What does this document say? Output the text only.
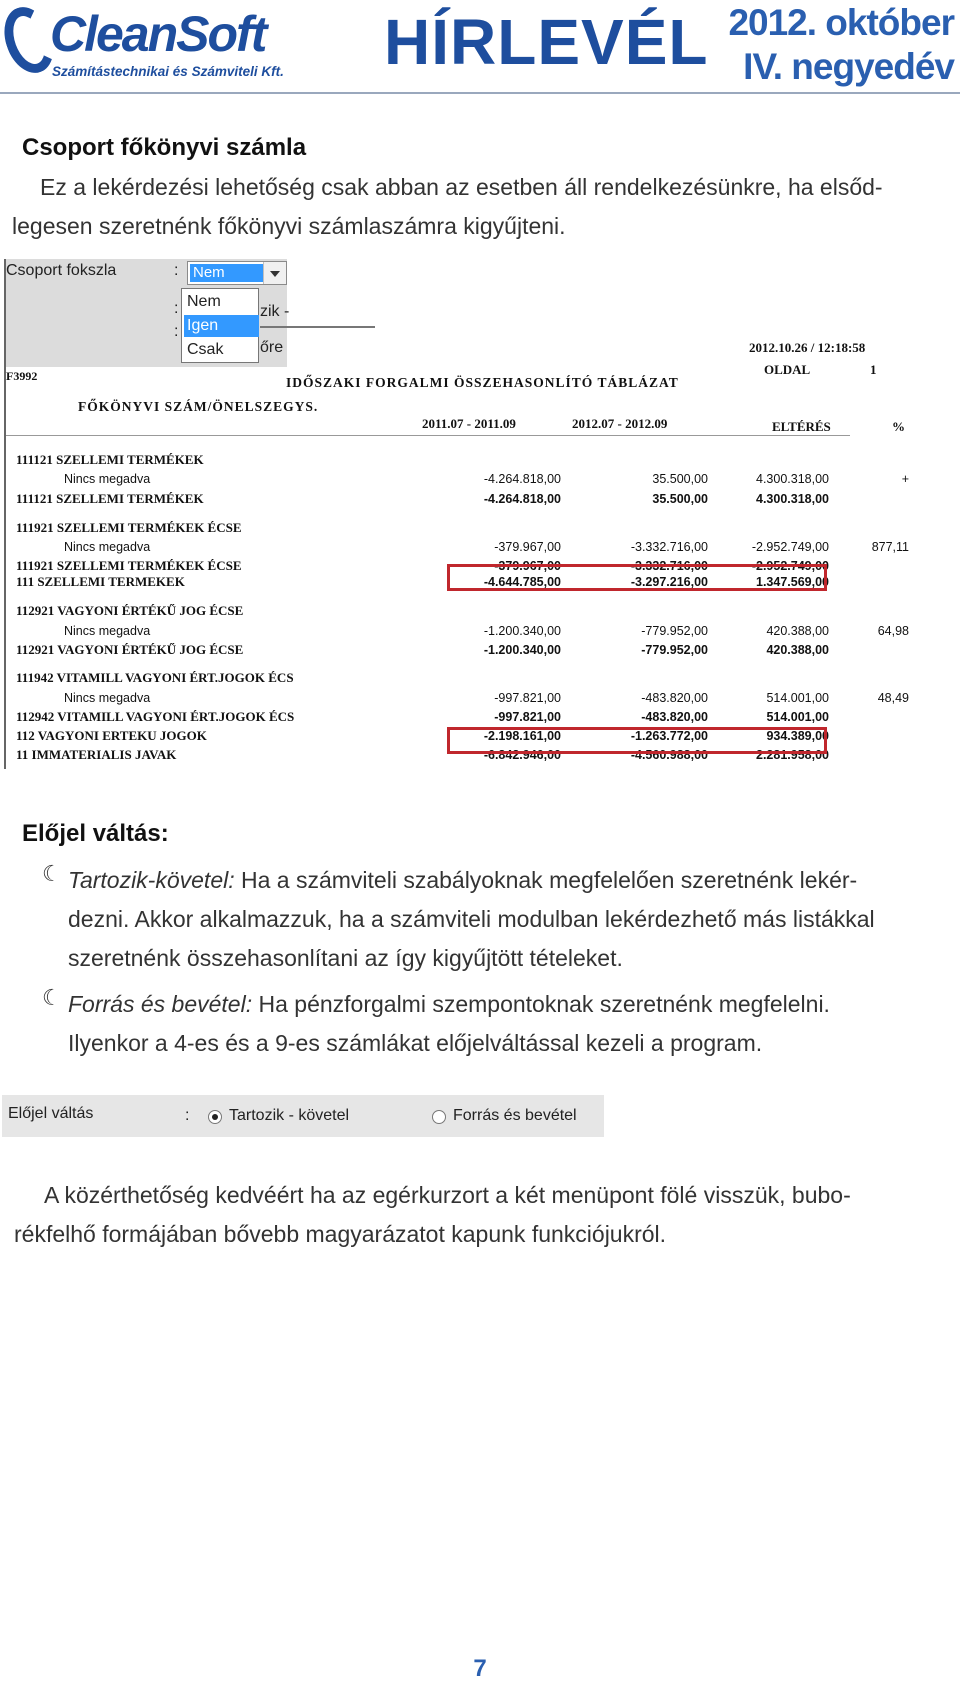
CleanSoft
Számítástechnikai és Számviteli Kft. HÍRLEVÉL 2012. október
IV. negyedév
Csoport főkönyvi számla
Ez a lekérdezési lehetőség csak abban az esetben áll rendelkezésünkre, ha elsőd-
legesen szeretnénk főkönyvi számlaszámra kigyűjteni.
Csoport fokszla	:
:
:
zik -
őre
Nem
Nem
Igen
Csak
F3992
2012.10.26 / 12:18:58
OLDAL	1
IDŐSZAKI FORGALMI ÖSSZEHASONLÍTÓ TÁBLÁZAT
FŐKÖNYVI SZÁM/ÖNELSZEGYS.
2011.07 - 2011.09	2012.07 - 2012.09	ELTÉRÉS	%
111121 SZELLEMI TERMÉKEK
Nincs megadva	-4.264.818,00	35.500,00	4.300.318,00	+
111121 SZELLEMI TERMÉKEK	-4.264.818,00	35.500,00	4.300.318,00
111921 SZELLEMI TERMÉKEK ÉCSE
Nincs megadva	-379.967,00	-3.332.716,00	-2.952.749,00	877,11
111921 SZELLEMI TERMÉKEK ÉCSE	-379.967,00	-3.332.716,00	-2.952.749,00
111 SZELLEMI TERMEKEK	-4.644.785,00	-3.297.216,00	1.347.569,00
112921 VAGYONI ÉRTÉKŰ JOG ÉCSE
Nincs megadva	-1.200.340,00	-779.952,00	420.388,00	64,98
112921 VAGYONI ÉRTÉKŰ JOG ÉCSE	-1.200.340,00	-779.952,00	420.388,00
111942 VITAMILL VAGYONI ÉRT.JOGOK ÉCS
Nincs megadva	-997.821,00	-483.820,00	514.001,00	48,49
112942 VITAMILL VAGYONI ÉRT.JOGOK ÉCS	-997.821,00	-483.820,00	514.001,00
112 VAGYONI ERTEKU JOGOK	-2.198.161,00	-1.263.772,00	934.389,00
11 IMMATERIALIS JAVAK	-6.842.946,00	-4.560.988,00	2.281.958,00
Előjel váltás:
☾ Tartozik-követel: Ha a számviteli szabályoknak megfelelően szeretnénk lekér-
dezni. Akkor alkalmazzuk, ha a számviteli modulban lekérdezhető más listákkal
szeretnénk összehasonlítani az így kigyűjtött tételeket.
☾ Forrás és bevétel: Ha pénzforgalmi szempontoknak szeretnénk megfelelni.
Ilyenkor a 4-es és a 9-es számlákat előjelváltással kezeli a program.
Előjel váltás	: Tartozik - követel	Forrás és bevétel
A közérthetőség kedvéért ha az egérkurzort a két menüpont fölé visszük, bubo-
rékfelhő formájában bővebb magyarázatot kapunk funkciójukról.
7
